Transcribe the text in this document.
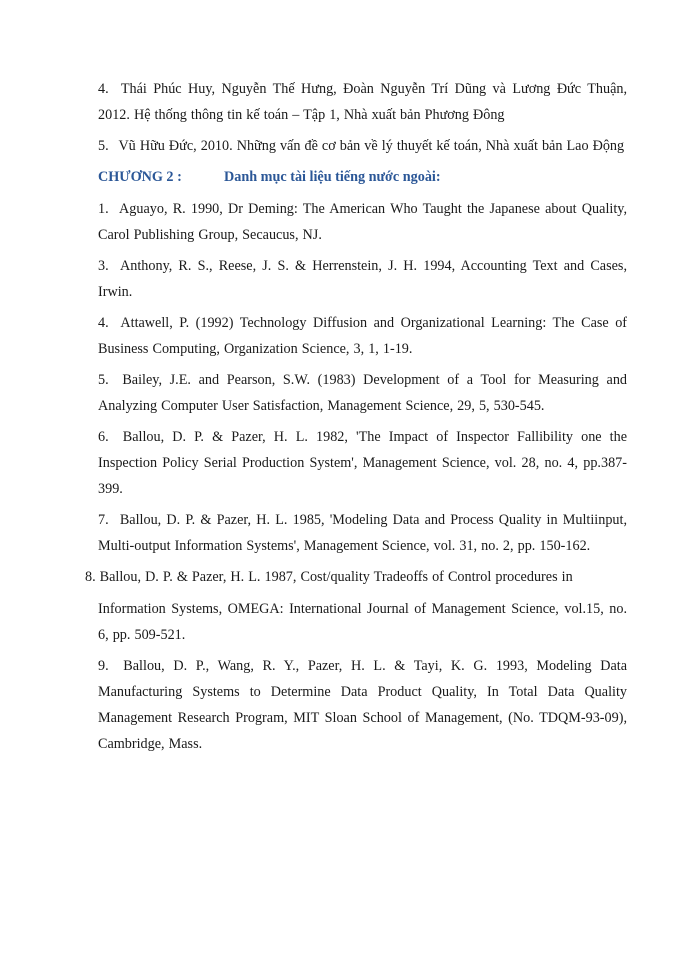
4. Thái Phúc Huy, Nguyễn Thế Hưng, Đoàn Nguyễn Trí Dũng và Lương Đức Thuận, 2012. Hệ thống thông tin kế toán – Tập 1, Nhà xuất bản Phương Đông

5. Vũ Hữu Đức, 2010. Những vấn đề cơ bản về lý thuyết kế toán, Nhà xuất bản Lao Động

CHƯƠNG 2 :	Danh mục tài liệu tiếng nước ngoài:

1. Aguayo, R. 1990, Dr Deming: The American Who Taught the Japanese about Quality, Carol Publishing Group, Secaucus, NJ.

3. Anthony, R. S., Reese, J. S. & Herrenstein, J. H. 1994, Accounting Text and Cases, Irwin.

4. Attawell, P. (1992) Technology Diffusion and Organizational Learning: The Case of Business Computing, Organization Science, 3, 1, 1-19.

5. Bailey, J.E. and Pearson, S.W. (1983) Development of a Tool for Measuring and Analyzing Computer User Satisfaction, Management Science, 29, 5, 530-545.

6. Ballou, D. P. & Pazer, H. L. 1982, 'The Impact of Inspector Fallibility one the Inspection Policy Serial Production System', Management Science, vol. 28, no. 4, pp.387- 399.

7. Ballou, D. P. & Pazer, H. L. 1985, 'Modeling Data and Process Quality in Multiinput, Multi-output Information Systems', Management Science, vol. 31, no. 2, pp. 150-162.

8. Ballou, D. P. & Pazer, H. L. 1987, Cost/quality Tradeoffs of Control procedures in
Information Systems, OMEGA: International Journal of Management Science, vol.15, no. 6, pp. 509-521.

9. Ballou, D. P., Wang, R. Y., Pazer, H. L. & Tayi, K. G. 1993, Modeling Data Manufacturing Systems to Determine Data Product Quality, In Total Data Quality Management Research Program, MIT Sloan School of Management, (No. TDQM-93-09), Cambridge, Mass.
